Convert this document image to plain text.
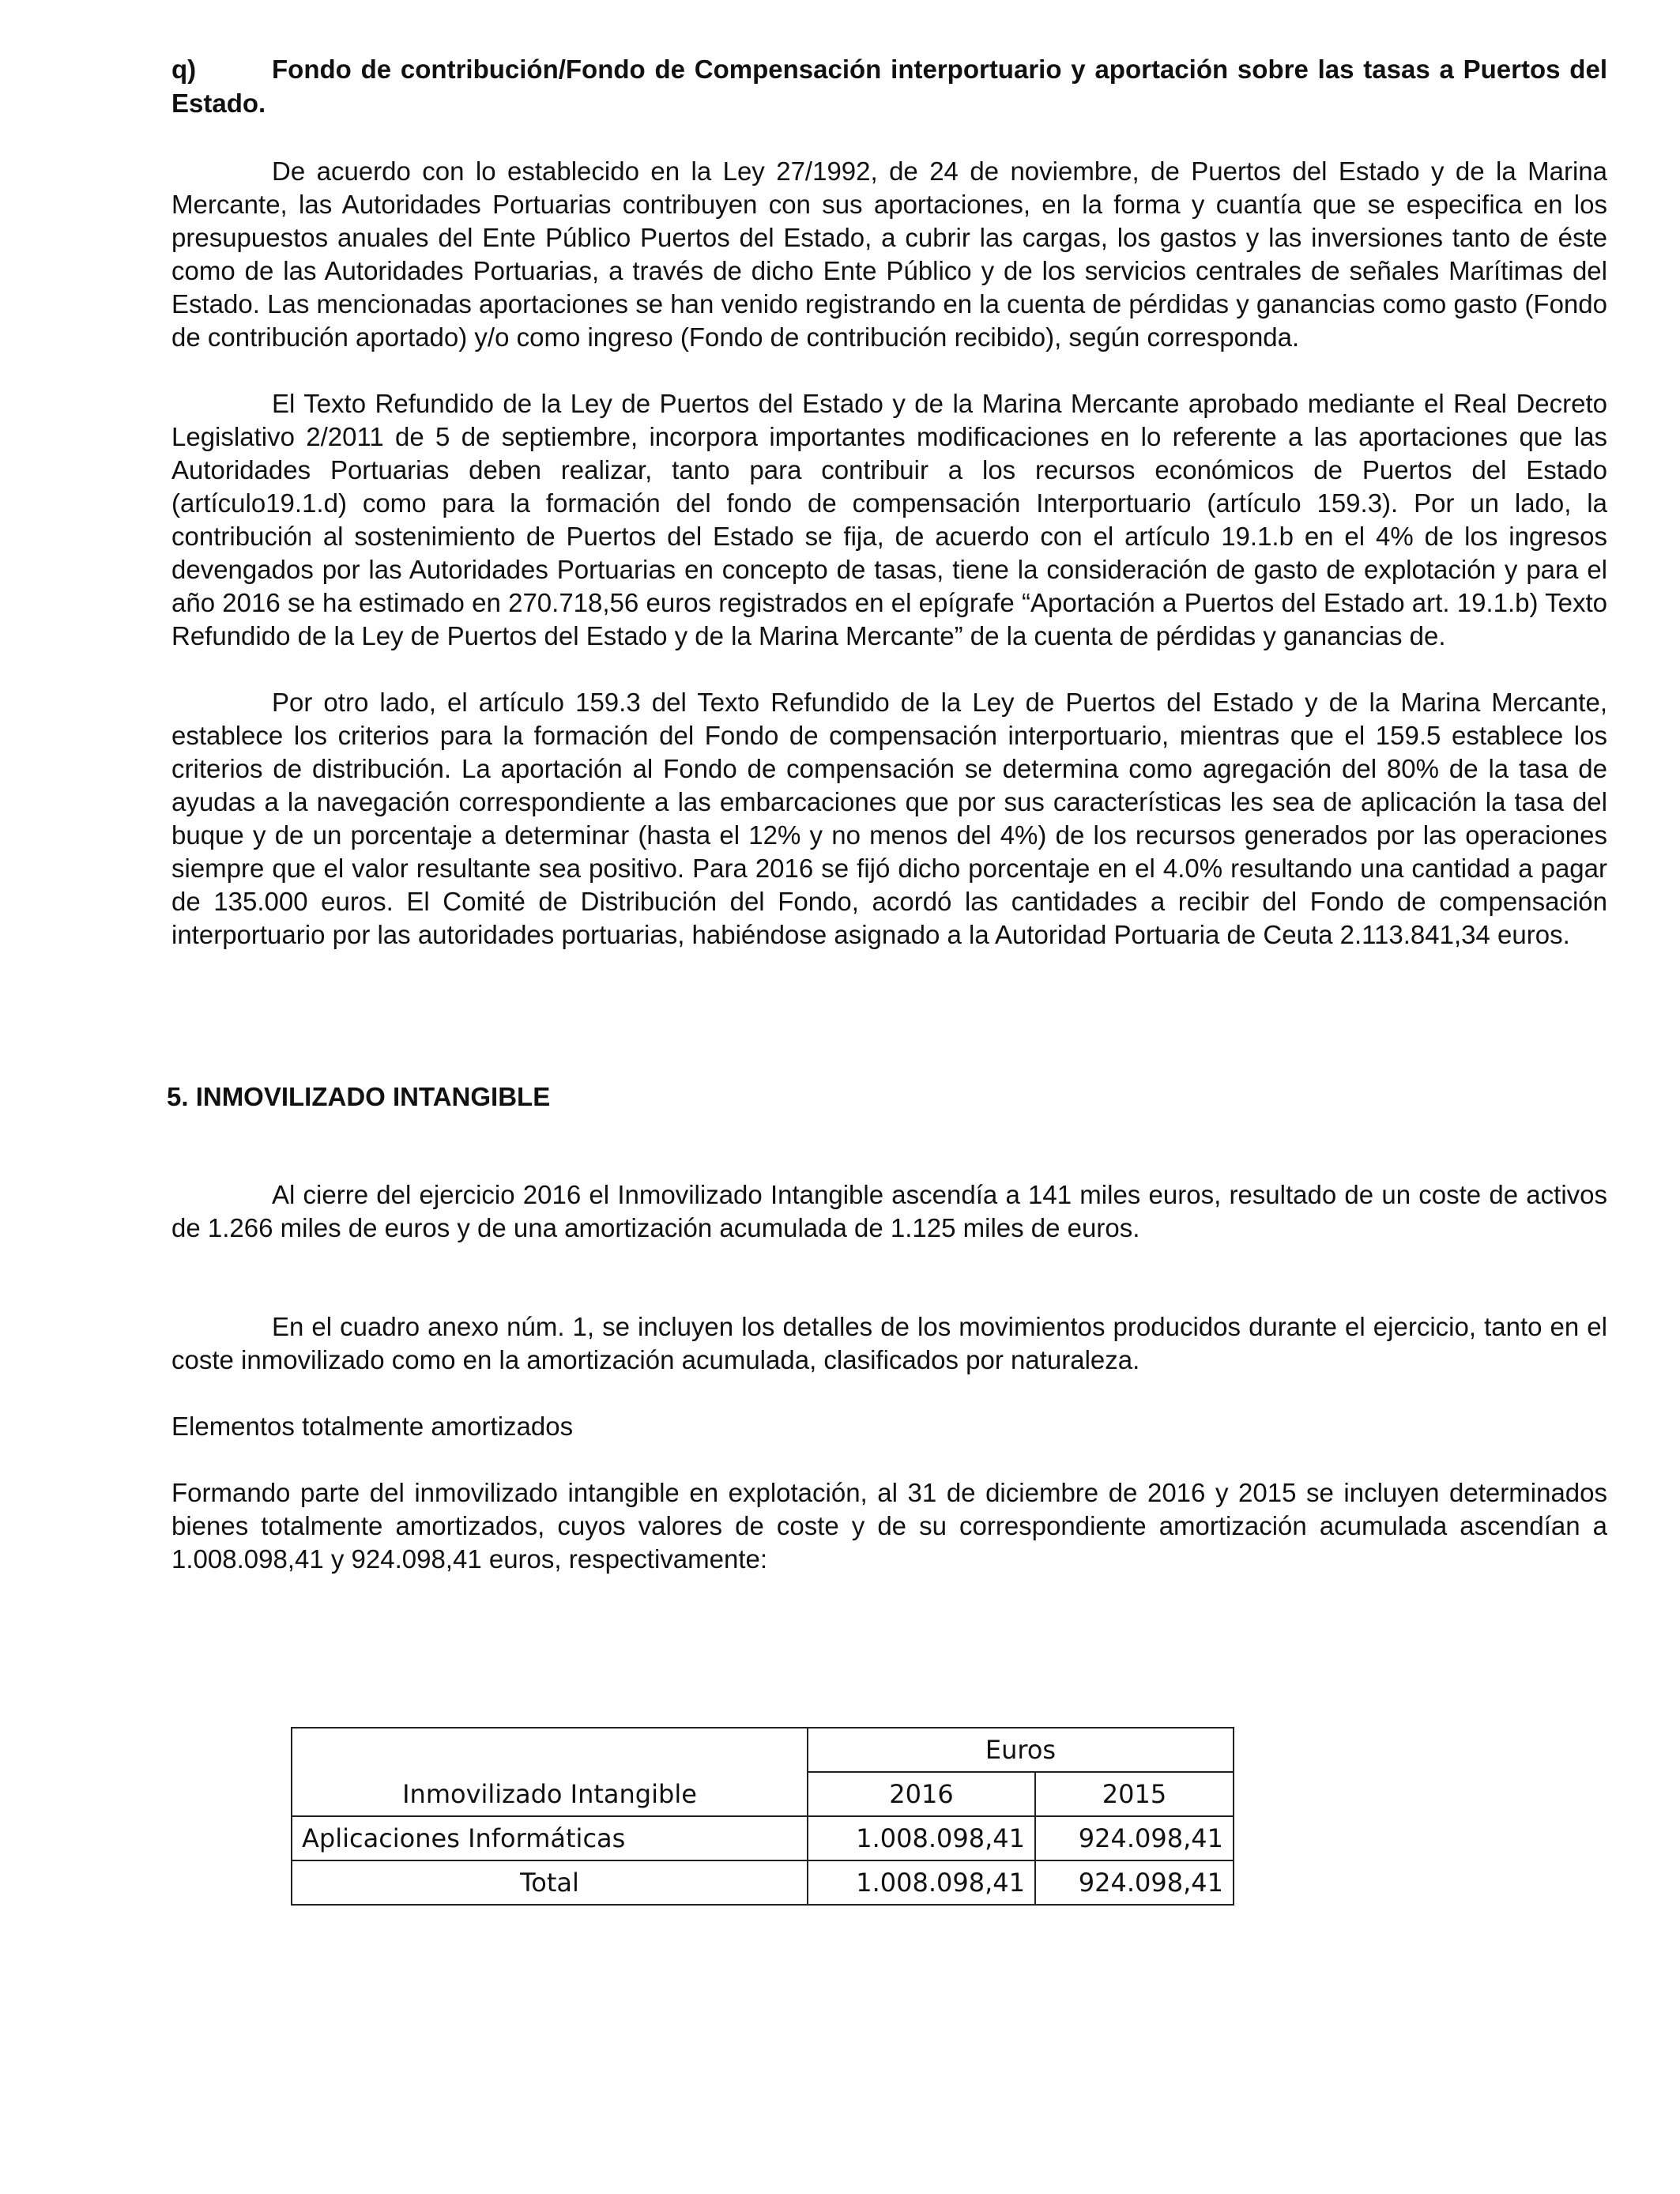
q)	Fondo de contribución/Fondo de Compensación interportuario y aportación sobre las tasas a Puertos del Estado.

De acuerdo con lo establecido en la Ley 27/1992, de 24 de noviembre, de Puertos del Estado y de la Marina Mercante, las Autoridades Portuarias contribuyen con sus aportaciones, en la forma y cuantía que se especifica en los presupuestos anuales del Ente Público Puertos del Estado, a cubrir las cargas, los gastos y las inversiones tanto de éste como de las Autoridades Portuarias, a través de dicho Ente Público y de los servicios centrales de señales Marítimas del Estado. Las mencionadas aportaciones se han venido registrando en la cuenta de pérdidas y ganancias como gasto (Fondo de contribución aportado) y/o como ingreso (Fondo de contribución recibido), según corresponda.

El Texto Refundido de la Ley de Puertos del Estado y de la Marina Mercante aprobado mediante el Real Decreto Legislativo 2/2011 de 5 de septiembre, incorpora importantes modificaciones en lo referente a las aportaciones que las Autoridades Portuarias deben realizar, tanto para contribuir a los recursos económicos de Puertos del Estado (artículo19.1.d) como para la formación del fondo de compensación Interportuario (artículo 159.3). Por un lado, la contribución al sostenimiento de Puertos del Estado se fija, de acuerdo con el artículo 19.1.b en el 4% de los ingresos devengados por las Autoridades Portuarias en concepto de tasas, tiene la consideración de gasto de explotación y para el año 2016 se ha estimado en 270.718,56 euros registrados en el epígrafe “Aportación a Puertos del Estado art. 19.1.b) Texto Refundido de la Ley de Puertos del Estado y de la Marina Mercante” de la cuenta de pérdidas y ganancias de.

Por otro lado, el artículo 159.3 del Texto Refundido de la Ley de Puertos del Estado y de la Marina Mercante, establece los criterios para la formación del Fondo de compensación interportuario, mientras que el 159.5 establece los criterios de distribución. La aportación al Fondo de compensación se determina como agregación del 80% de la tasa de ayudas a la navegación correspondiente a las embarcaciones que por sus características les sea de aplicación la tasa del buque y de un porcentaje a determinar (hasta el 12% y no menos del 4%) de los recursos generados por las operaciones siempre que el valor resultante sea positivo. Para 2016 se fijó dicho porcentaje en el 4.0% resultando una cantidad a pagar de 135.000 euros. El Comité de Distribución del Fondo, acordó las cantidades a recibir del Fondo de compensación interportuario por las autoridades portuarias, habiéndose asignado a la Autoridad Portuaria de Ceuta 2.113.841,34 euros.

5. INMOVILIZADO INTANGIBLE

Al cierre del ejercicio 2016 el Inmovilizado Intangible ascendía a 141 miles euros, resultado de un coste de activos de 1.266 miles de euros y de una amortización acumulada de 1.125 miles de euros.

En el cuadro anexo núm. 1, se incluyen los detalles de los movimientos producidos durante el ejercicio, tanto en el coste inmovilizado como en la amortización acumulada, clasificados por naturaleza.

Elementos totalmente amortizados

Formando parte del inmovilizado intangible en explotación, al 31 de diciembre de 2016 y 2015 se incluyen determinados bienes totalmente amortizados, cuyos valores de coste y de su correspondiente amortización acumulada ascendían a 1.008.098,41 y 924.098,41 euros, respectivamente:

	Euros	
Inmovilizado Intangible	2016	2015
Aplicaciones Informáticas	1.008.098,41	924.098,41
Total	1.008.098,41	924.098,41
